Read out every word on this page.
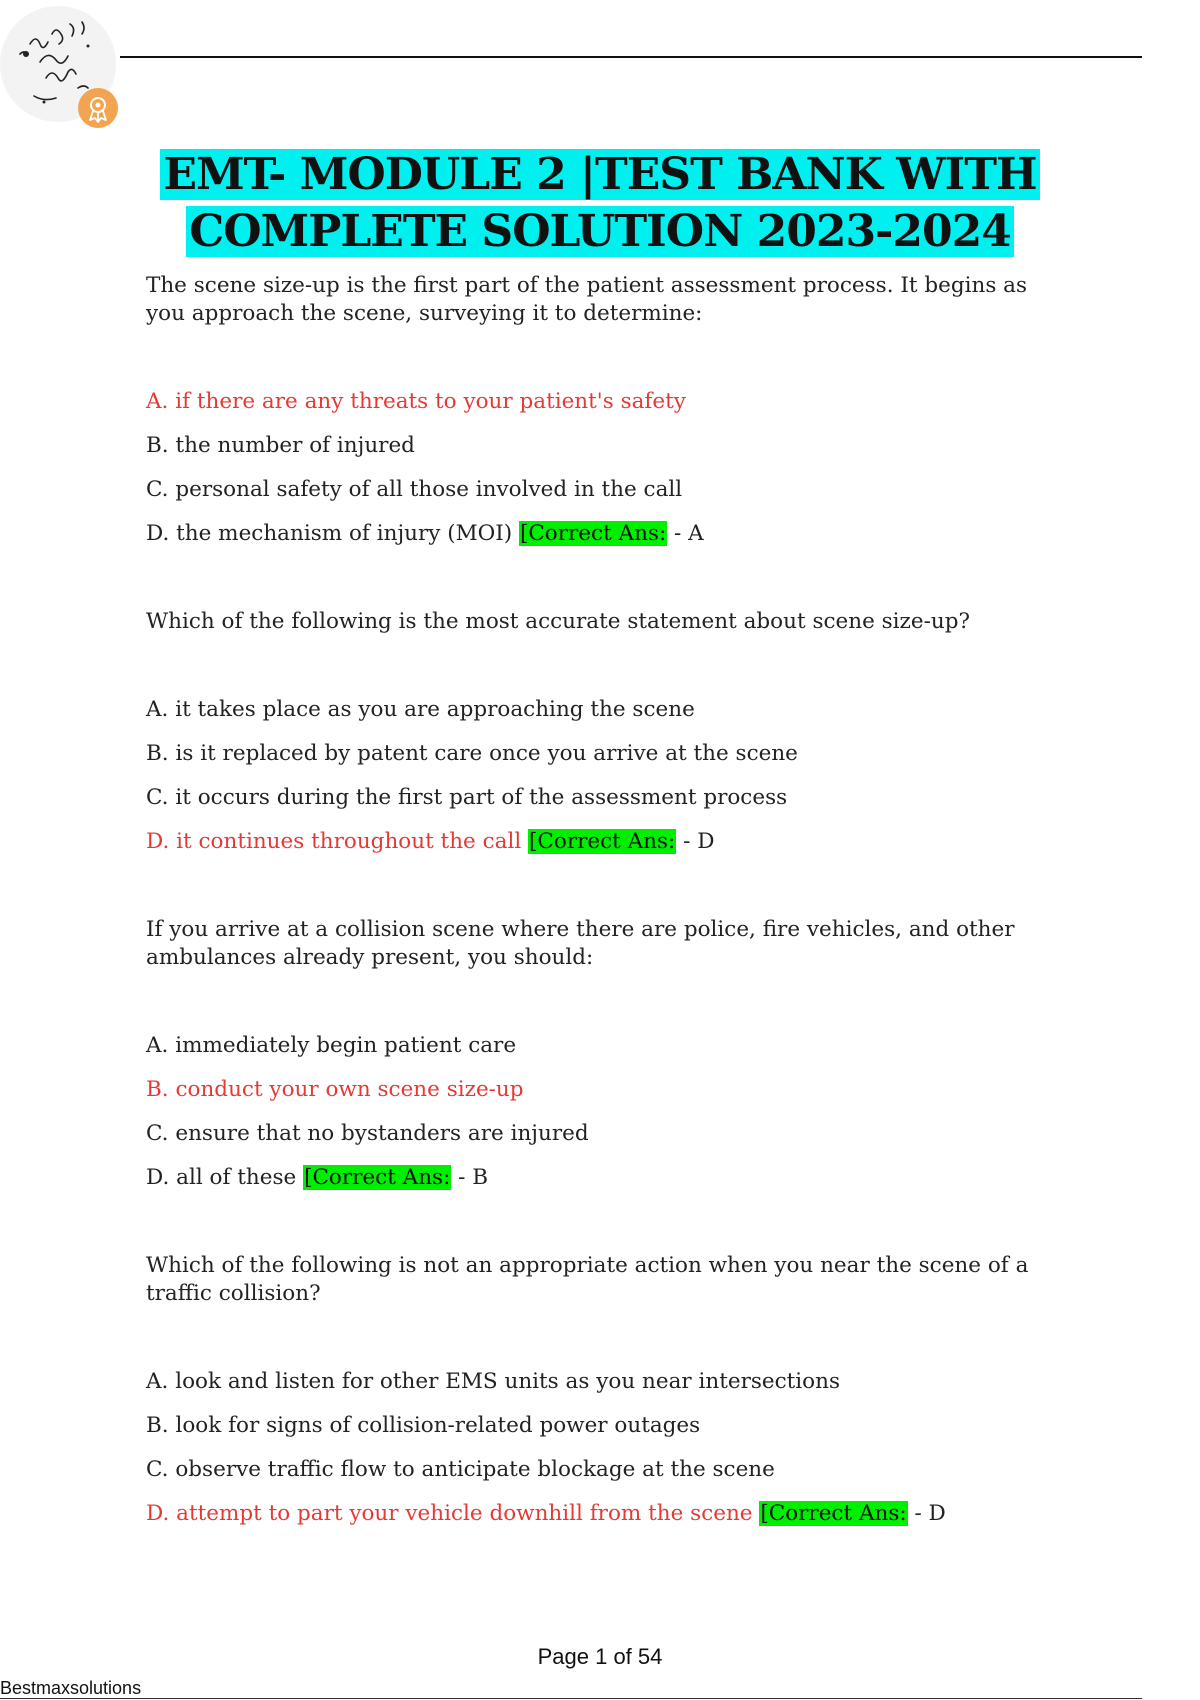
EMT- MODULE 2 |TEST BANK WITH
COMPLETE SOLUTION 2023-2024

The scene size-up is the first part of the patient assessment process. It begins as you approach the scene, surveying it to determine:

A. if there are any threats to your patient's safety

B. the number of injured

C. personal safety of all those involved in the call

D. the mechanism of injury (MOI) [Correct Ans: - A

Which of the following is the most accurate statement about scene size-up?

A. it takes place as you are approaching the scene

B. is it replaced by patent care once you arrive at the scene

C. it occurs during the first part of the assessment process

D. it continues throughout the call [Correct Ans: - D

If you arrive at a collision scene where there are police, fire vehicles, and other ambulances already present, you should:

A. immediately begin patient care

B. conduct your own scene size-up

C. ensure that no bystanders are injured

D. all of these [Correct Ans: - B

Which of the following is not an appropriate action when you near the scene of a traffic collision?

A. look and listen for other EMS units as you near intersections

B. look for signs of collision-related power outages

C. observe traffic flow to anticipate blockage at the scene

D. attempt to part your vehicle downhill from the scene [Correct Ans: - D

Page 1 of 54
Bestmaxsolutions
